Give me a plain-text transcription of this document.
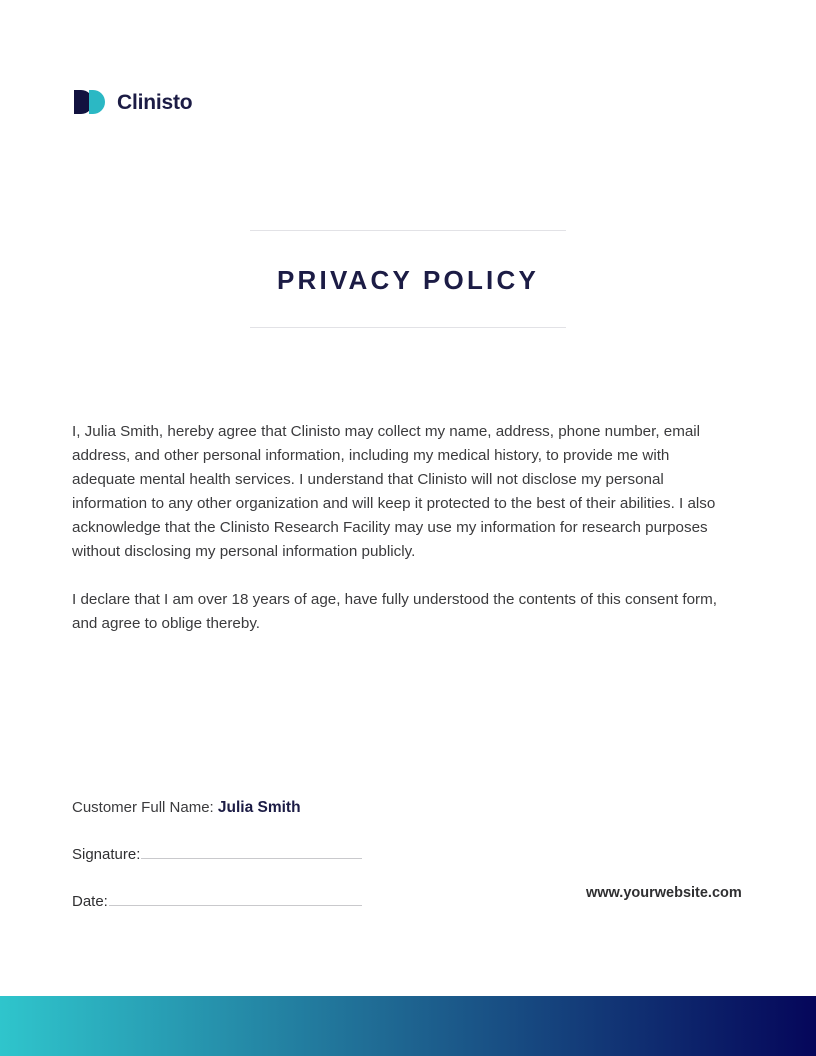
Clinisto
PRIVACY POLICY

I, Julia Smith, hereby agree that Clinisto may collect my name, address, phone number, email address, and other personal information, including my medical history, to provide me with adequate mental health services. I understand that Clinisto will not disclose my personal information to any other organization and will keep it protected to the best of their abilities. I also acknowledge that the Clinisto Research Facility may use my information for research purposes without disclosing my personal information publicly.

I declare that I am over 18 years of age, have fully understood the contents of this consent form, and agree to oblige thereby.

Customer Full Name: Julia Smith
Signature:
Date:	www.yourwebsite.com
